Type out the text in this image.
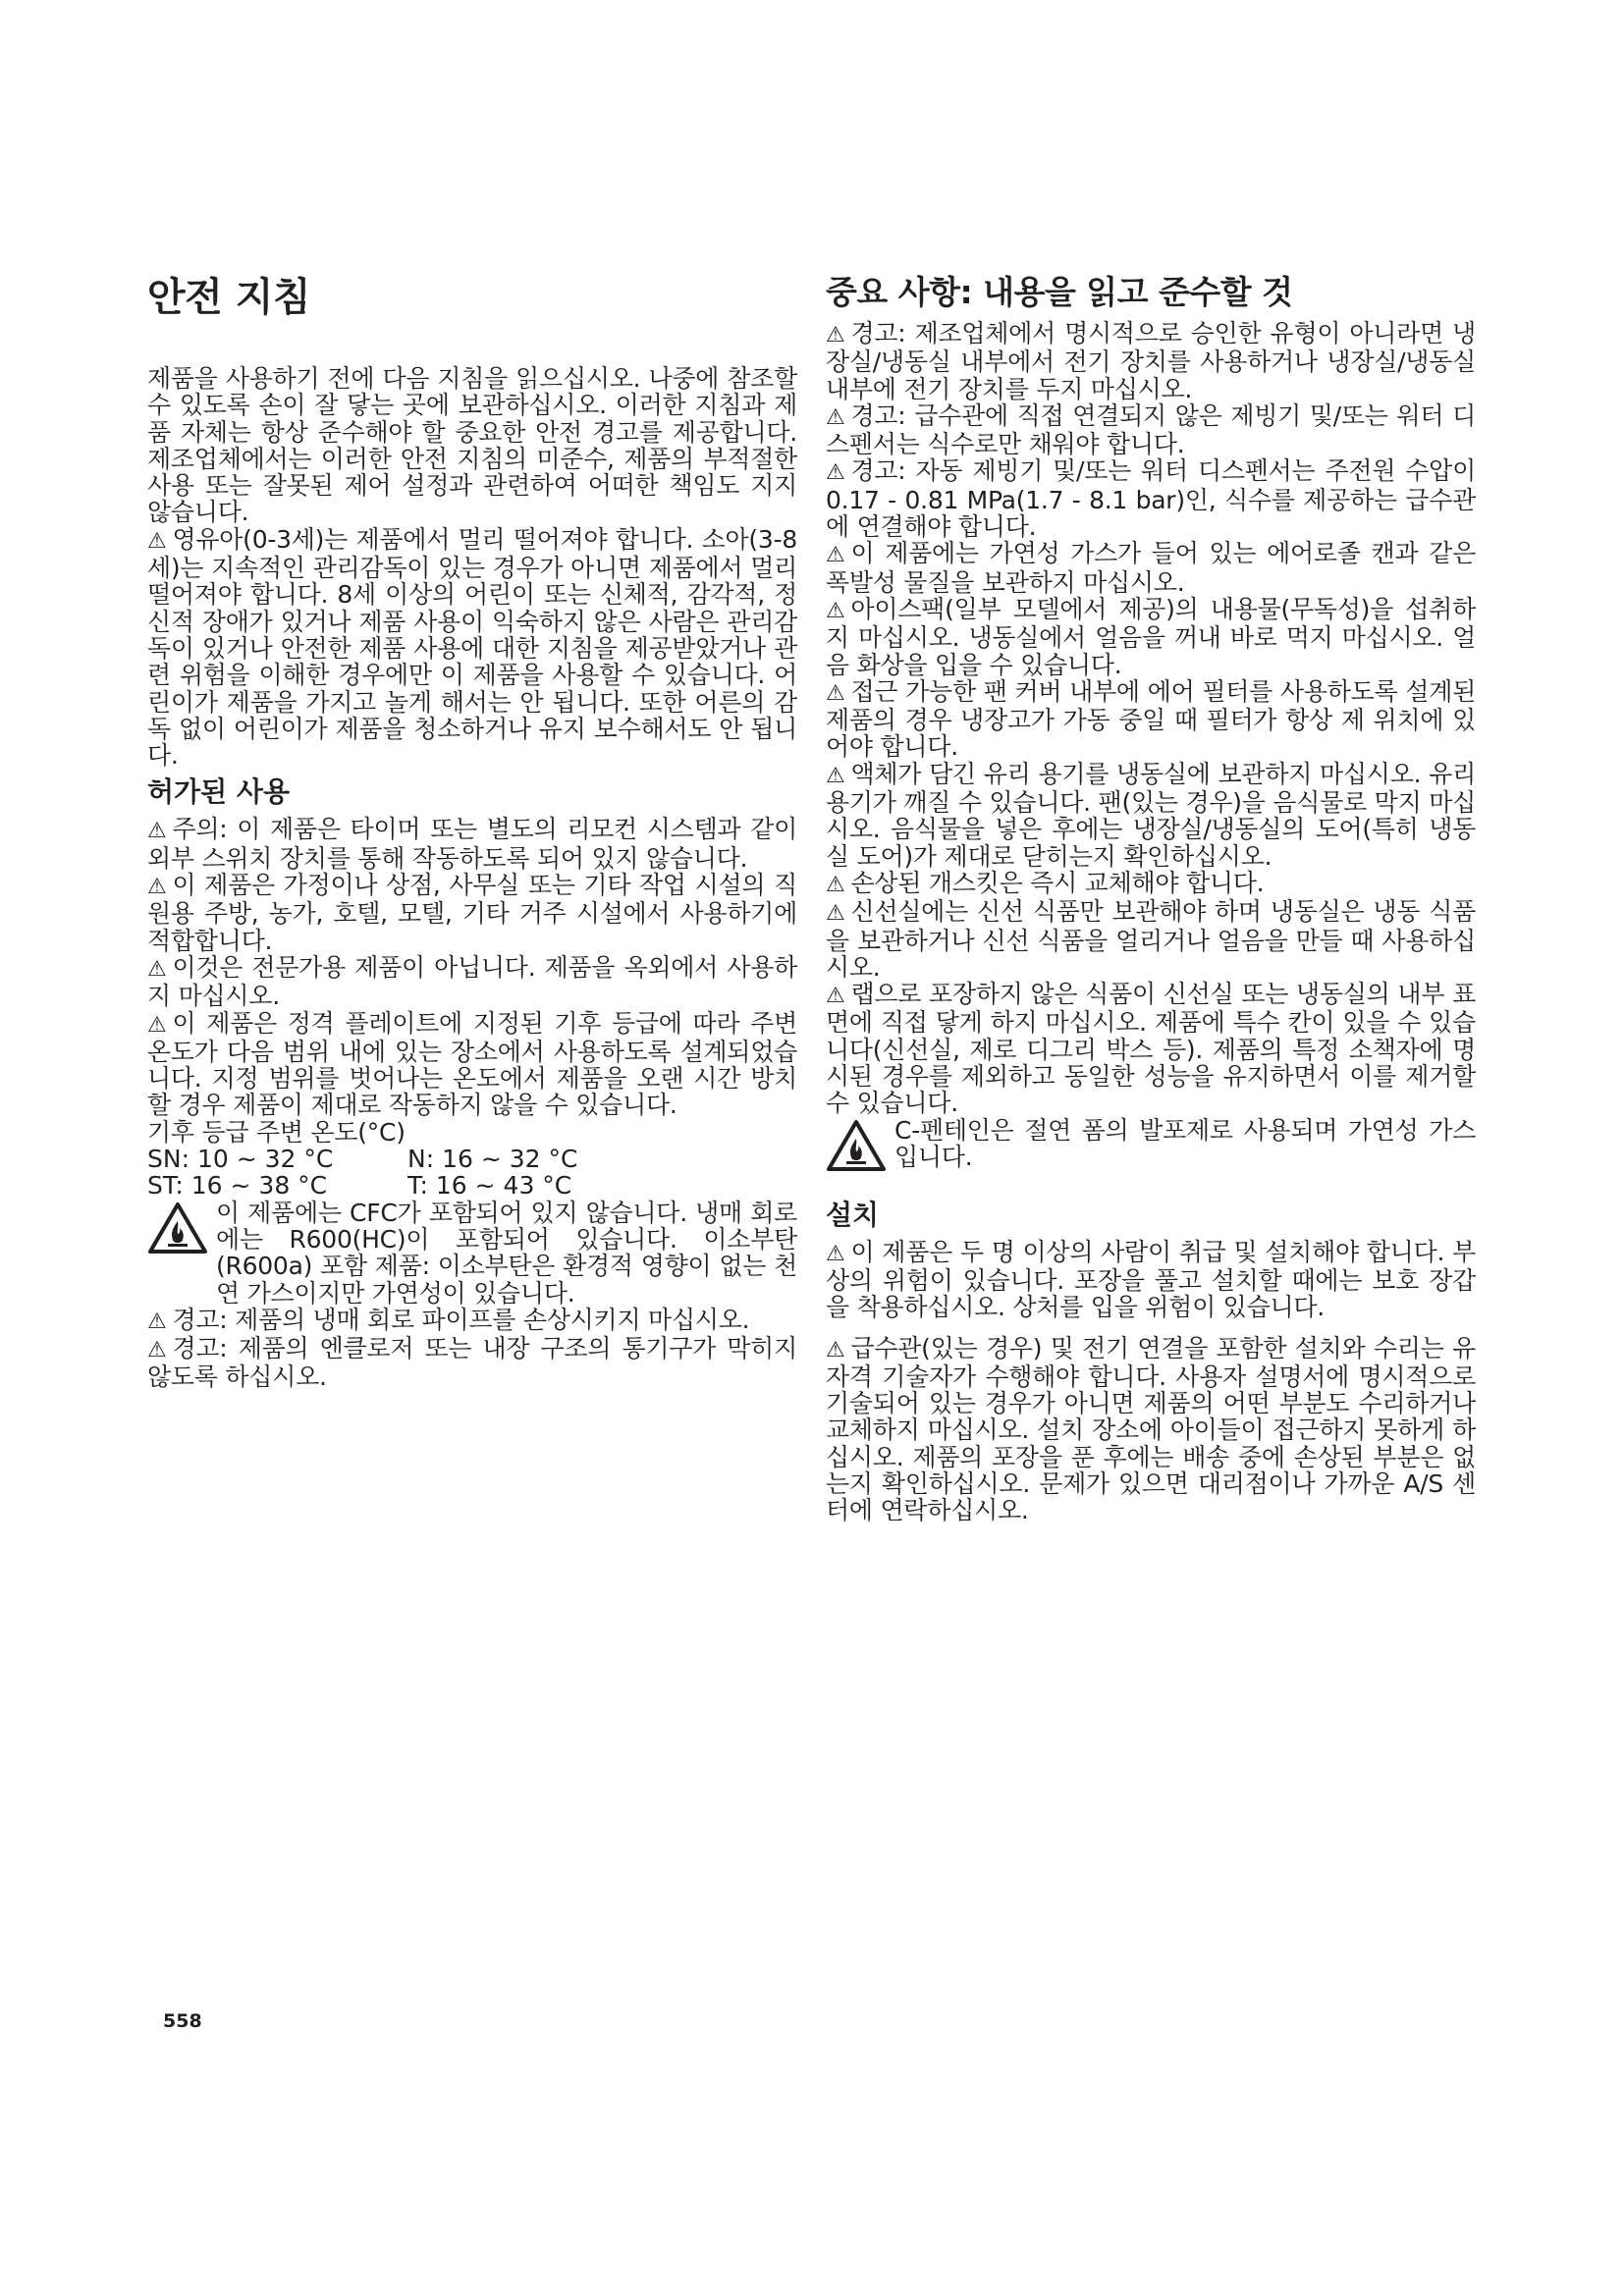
안전 지침

제품을 사용하기 전에 다음 지침을 읽으십시오. 나중에 참조할 수 있도록 손이 잘 닿는 곳에 보관하십시오. 이러한 지침과 제품 자체는 항상 준수해야 할 중요한 안전 경고를 제공합니다. 제조업체에서는 이러한 안전 지침의 미준수, 제품의 부적절한 사용 또는 잘못된 제어 설정과 관련하여 어떠한 책임도 지지 않습니다.

⚠ 영유아(0-3세)는 제품에서 멀리 떨어져야 합니다. 소아(3-8세)는 지속적인 관리감독이 있는 경우가 아니면 제품에서 멀리 떨어져야 합니다. 8세 이상의 어린이 또는 신체적, 감각적, 정신적 장애가 있거나 제품 사용이 익숙하지 않은 사람은 관리감독이 있거나 안전한 제품 사용에 대한 지침을 제공받았거나 관련 위험을 이해한 경우에만 이 제품을 사용할 수 있습니다. 어린이가 제품을 가지고 놀게 해서는 안 됩니다. 또한 어른의 감독 없이 어린이가 제품을 청소하거나 유지 보수해서도 안 됩니다.

허가된 사용

⚠ 주의: 이 제품은 타이머 또는 별도의 리모컨 시스템과 같이 외부 스위치 장치를 통해 작동하도록 되어 있지 않습니다.

⚠ 이 제품은 가정이나 상점, 사무실 또는 기타 작업 시설의 직원용 주방, 농가, 호텔, 모텔, 기타 거주 시설에서 사용하기에 적합합니다.

⚠ 이것은 전문가용 제품이 아닙니다. 제품을 옥외에서 사용하지 마십시오.

⚠ 이 제품은 정격 플레이트에 지정된 기후 등급에 따라 주변 온도가 다음 범위 내에 있는 장소에서 사용하도록 설계되었습니다. 지정 범위를 벗어나는 온도에서 제품을 오랜 시간 방치할 경우 제품이 제대로 작동하지 않을 수 있습니다.

기후 등급 주변 온도(°C)

SN: 10 ~ 32 °C	N: 16 ~ 32 °C
ST: 16 ~ 38 °C	T: 16 ~ 43 °C

이 제품에는 CFC가 포함되어 있지 않습니다. 냉매 회로에는 R600(HC)이 포함되어 있습니다. 이소부탄(R600a) 포함 제품: 이소부탄은 환경적 영향이 없는 천연 가스이지만 가연성이 있습니다.

⚠ 경고: 제품의 냉매 회로 파이프를 손상시키지 마십시오.

⚠ 경고: 제품의 엔클로저 또는 내장 구조의 통기구가 막히지 않도록 하십시오.

중요 사항: 내용을 읽고 준수할 것

⚠ 경고: 제조업체에서 명시적으로 승인한 유형이 아니라면 냉장실/냉동실 내부에서 전기 장치를 사용하거나 냉장실/냉동실 내부에 전기 장치를 두지 마십시오.

⚠ 경고: 급수관에 직접 연결되지 않은 제빙기 및/또는 워터 디스펜서는 식수로만 채워야 합니다.

⚠ 경고: 자동 제빙기 및/또는 워터 디스펜서는 주전원 수압이 0.17 - 0.81 MPa(1.7 - 8.1 bar)인, 식수를 제공하는 급수관에 연결해야 합니다.

⚠ 이 제품에는 가연성 가스가 들어 있는 에어로졸 캔과 같은 폭발성 물질을 보관하지 마십시오.

⚠ 아이스팩(일부 모델에서 제공)의 내용물(무독성)을 섭취하지 마십시오. 냉동실에서 얼음을 꺼내 바로 먹지 마십시오. 얼음 화상을 입을 수 있습니다.

⚠ 접근 가능한 팬 커버 내부에 에어 필터를 사용하도록 설계된 제품의 경우 냉장고가 가동 중일 때 필터가 항상 제 위치에 있어야 합니다.

⚠ 액체가 담긴 유리 용기를 냉동실에 보관하지 마십시오. 유리 용기가 깨질 수 있습니다. 팬(있는 경우)을 음식물로 막지 마십시오. 음식물을 넣은 후에는 냉장실/냉동실의 도어(특히 냉동실 도어)가 제대로 닫히는지 확인하십시오.

⚠ 손상된 개스킷은 즉시 교체해야 합니다.

⚠ 신선실에는 신선 식품만 보관해야 하며 냉동실은 냉동 식품을 보관하거나 신선 식품을 얼리거나 얼음을 만들 때 사용하십시오.

⚠ 랩으로 포장하지 않은 식품이 신선실 또는 냉동실의 내부 표면에 직접 닿게 하지 마십시오. 제품에 특수 칸이 있을 수 있습니다(신선실, 제로 디그리 박스 등). 제품의 특정 소책자에 명시된 경우를 제외하고 동일한 성능을 유지하면서 이를 제거할 수 있습니다.

C-펜테인은 절연 폼의 발포제로 사용되며 가연성 가스입니다.

설치

⚠ 이 제품은 두 명 이상의 사람이 취급 및 설치해야 합니다. 부상의 위험이 있습니다. 포장을 풀고 설치할 때에는 보호 장갑을 착용하십시오. 상처를 입을 위험이 있습니다.

⚠ 급수관(있는 경우) 및 전기 연결을 포함한 설치와 수리는 유자격 기술자가 수행해야 합니다. 사용자 설명서에 명시적으로 기술되어 있는 경우가 아니면 제품의 어떤 부분도 수리하거나 교체하지 마십시오. 설치 장소에 아이들이 접근하지 못하게 하십시오. 제품의 포장을 푼 후에는 배송 중에 손상된 부분은 없는지 확인하십시오. 문제가 있으면 대리점이나 가까운 A/S 센터에 연락하십시오.

558
